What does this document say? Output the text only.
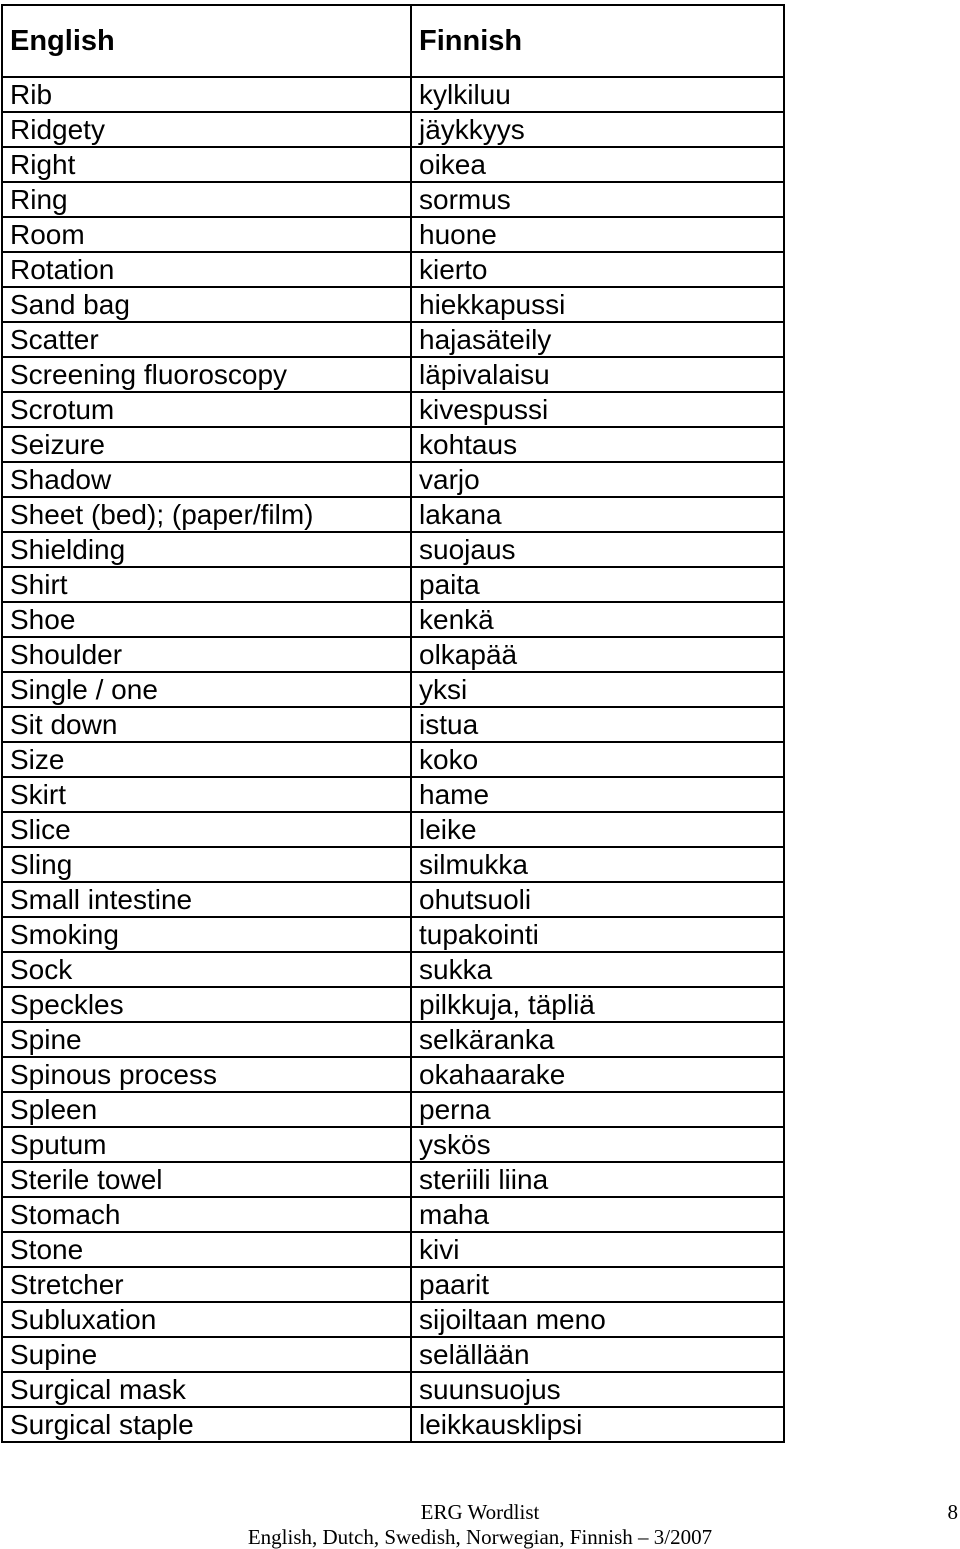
English	Finnish
Rib	kylkiluu
Ridgety	jäykkyys
Right	oikea
Ring	sormus
Room	huone
Rotation	kierto
Sand bag	hiekkapussi
Scatter	hajasäteily
Screening fluoroscopy	läpivalaisu
Scrotum	kivespussi
Seizure	kohtaus
Shadow	varjo
Sheet (bed); (paper/film)	lakana
Shielding	suojaus
Shirt	paita
Shoe	kenkä
Shoulder	olkapää
Single / one	yksi
Sit down	istua
Size	koko
Skirt	hame
Slice	leike
Sling	silmukka
Small intestine	ohutsuoli
Smoking	tupakointi
Sock	sukka
Speckles	pilkkuja, täpliä
Spine	selkäranka
Spinous process	okahaarake
Spleen	perna
Sputum	yskös
Sterile towel	steriili liina
Stomach	maha
Stone	kivi
Stretcher	paarit
Subluxation	sijoiltaan meno
Supine	selällään
Surgical mask	suunsuojus
Surgical staple	leikkausklipsi
ERG Wordlist
English, Dutch, Swedish, Norwegian, Finnish – 3/2007
8
